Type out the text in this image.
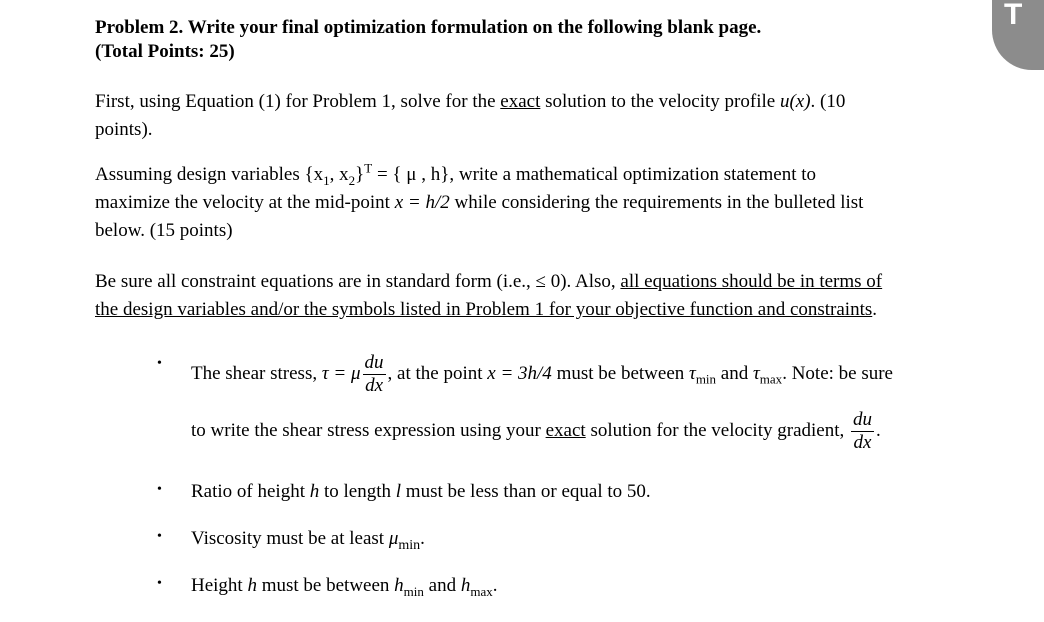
T
Problem 2. Write your final optimization formulation on the following blank page.
(Total Points: 25)
First, using Equation (1) for Problem 1, solve for the exact solution to the velocity profile u(x). (10
points).
Assuming design variables {$x_1$, $x_2\}^T$ = { μ , h}, write a mathematical optimization statement to
maximize the velocity at the mid-point x = h/2 while considering the requirements in the bulleted list
below. (15 points)
Be sure all constraint equations are in standard form (i.e., ≤ 0). Also, all equations should be in terms of
the design variables and/or the symbols listed in Problem 1 for your objective function and constraints.
• The shear stress, τ = μ $\frac{du}{dx}$ , at the point x = 3h/4 must be between $\tau_{min}$ and $\tau_{max}$. Note: be sure
to write the shear stress expression using your exact solution for the velocity gradient, $\frac{du}{dx}$ .
• Ratio of height h to length l must be less than or equal to 50.
• Viscosity must be at least $\mu_{min}$.
• Height h must be between $h_{min}$ and $h_{max}$.
